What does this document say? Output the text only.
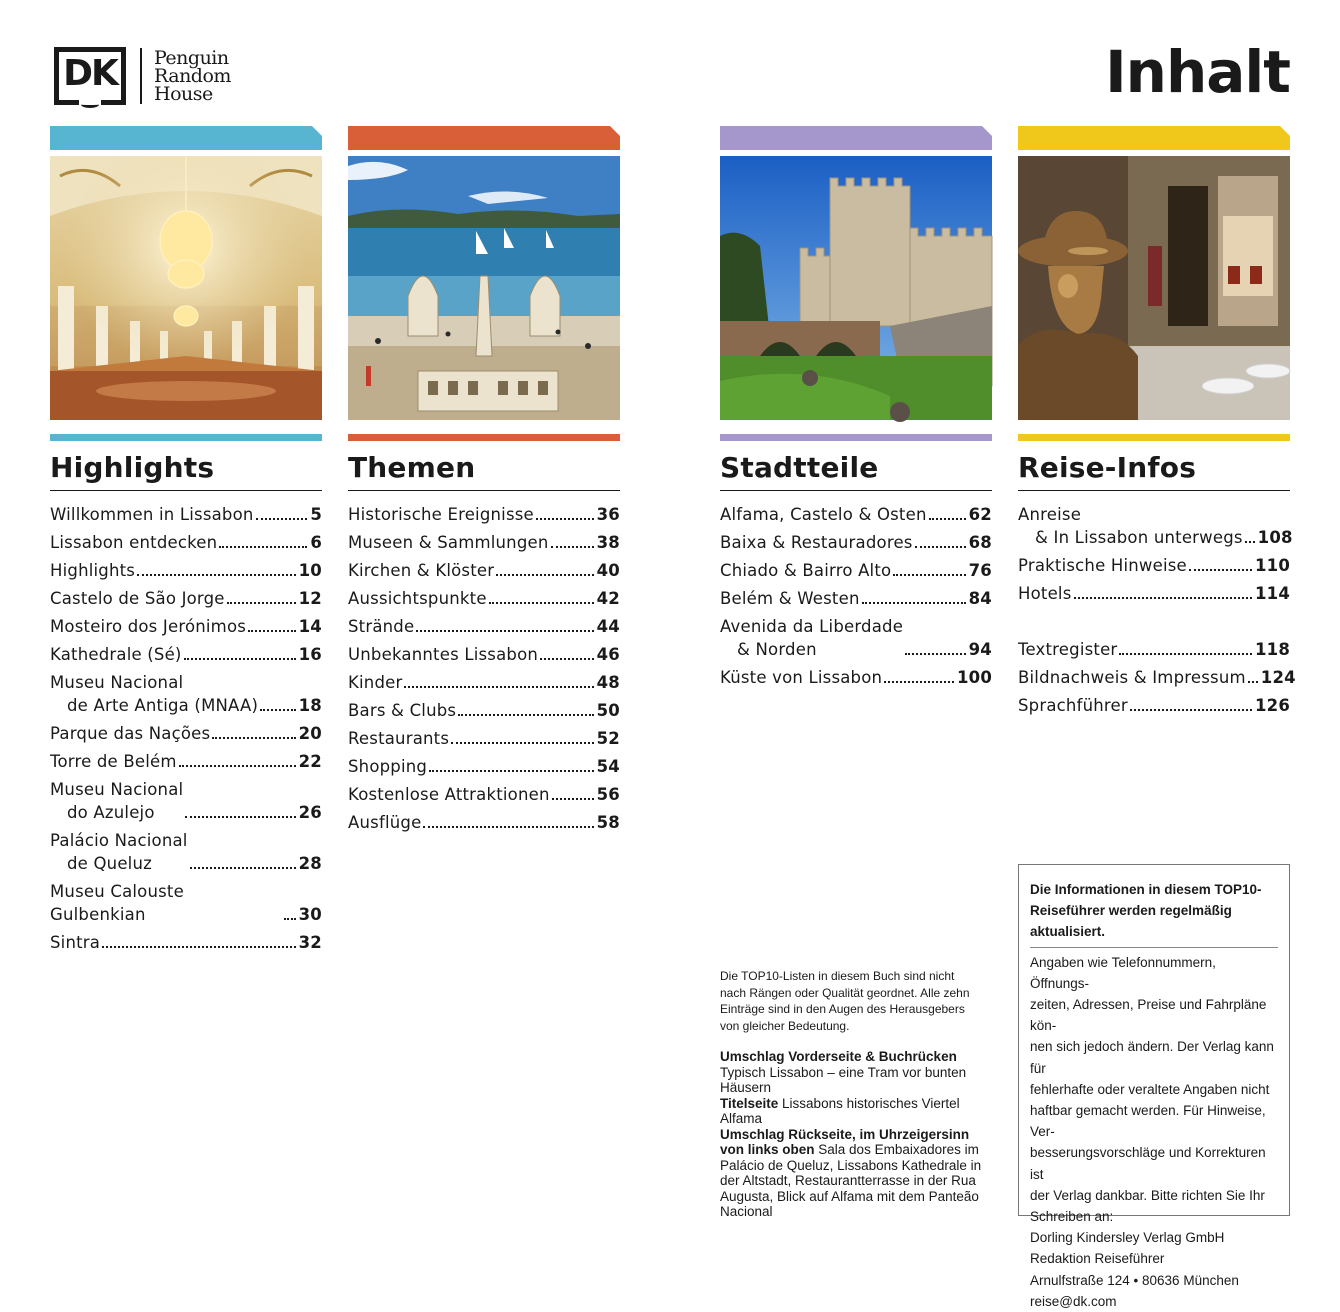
DK Penguin
Random
House	Inhalt
Highlights
Willkommen in Lissabon	5
Lissabon entdecken	6
Highlights	10
Castelo de São Jorge	12
Mosteiro dos Jerónimos	14
Kathedrale (Sé)	16
Museu Nacional
de Arte Antiga (MNAA) 18
Parque das Nações	20
Torre de Belém	22
Museu Nacional
do Azulejo	26
Palácio Nacional
de Queluz	28
Museu Calouste Gulbenkian	30
Sintra	32
Themen
Historische Ereignisse	36
Museen & Sammlungen	38
Kirchen & Klöster	40
Aussichtspunkte	42
Strände	44
Unbekanntes Lissabon	46
Kinder	48
Bars & Clubs	50
Restaurants	52
Shopping	54
Kostenlose Attraktionen	56
Ausflüge	58
Stadtteile
Alfama, Castelo & Osten	62
Baixa & Restauradores	68
Chiado & Bairro Alto	76
Belém & Westen	84
Avenida da Liberdade
& Norden	94
Küste von Lissabon	100
Reise-Infos
Anreise
& In Lissabon unterwegs 108
Praktische Hinweise	110
Hotels	114
Textregister	118
Bildnachweis & Impressum 124
Sprachführer	126
Die TOP10-Listen in diesem Buch sind nicht
nach Rängen oder Qualität geordnet. Alle zehn
Einträge sind in den Augen des Herausgebers
von gleicher Bedeutung.
Umschlag Vorderseite & Buchrücken Typisch Lissabon – eine Tram vor bunten Häusern
Titelseite Lissabons historisches Viertel Alfama
Umschlag Rückseite, im Uhrzeigersinn von links oben Sala dos Embaixadores im Palácio de Queluz, Lissabons Kathedrale in der Altstadt, Restaurantterrasse in der Rua Augusta, Blick auf Alfama mit dem Panteão Nacional
Die Informationen in diesem TOP10-
Reiseführer werden regelmäßig
aktualisiert.
Angaben wie Telefonnummern, Öffnungs-
zeiten, Adressen, Preise und Fahrpläne kön-
nen sich jedoch ändern. Der Verlag kann für
fehlerhafte oder veraltete Angaben nicht
haftbar gemacht werden. Für Hinweise, Ver-
besserungsvorschläge und Korrekturen ist
der Verlag dankbar. Bitte richten Sie Ihr
Schreiben an:
Dorling Kindersley Verlag GmbH
Redaktion Reiseführer
Arnulfstraße 124 • 80636 München
reise@dk.com
